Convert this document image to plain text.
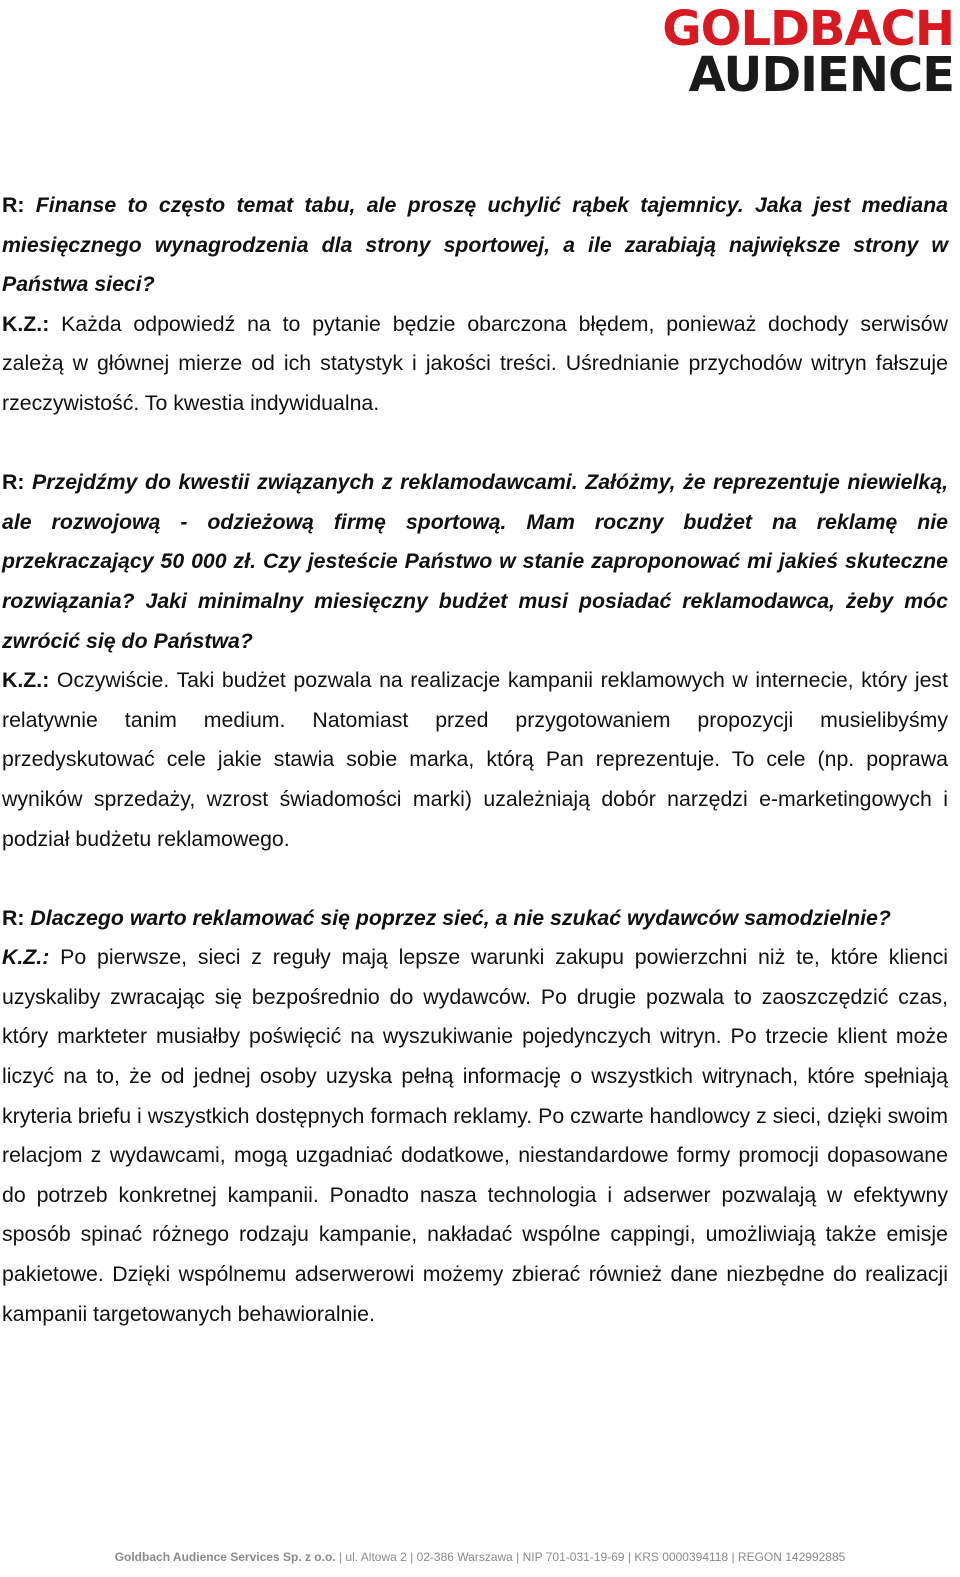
GOLDBACH
AUDIENCE

R: Finanse to często temat tabu, ale proszę uchylić rąbek tajemnicy. Jaka jest mediana miesięcznego wynagrodzenia dla strony sportowej, a ile zarabiają największe strony w Państwa sieci?

K.Z.: Każda odpowiedź na to pytanie będzie obarczona błędem, ponieważ dochody serwisów zależą w głównej mierze od ich statystyk i jakości treści. Uśrednianie przychodów witryn fałszuje rzeczywistość. To kwestia indywidualna.

R: Przejdźmy do kwestii związanych z reklamodawcami. Załóżmy, że reprezentuje niewielką, ale rozwojową - odzieżową firmę sportową. Mam roczny budżet na reklamę nie przekraczający 50 000 zł. Czy jesteście Państwo w stanie zaproponować mi jakieś skuteczne rozwiązania? Jaki minimalny miesięczny budżet musi posiadać reklamodawca, żeby móc zwrócić się do Państwa?

K.Z.: Oczywiście. Taki budżet pozwala na realizacje kampanii reklamowych w internecie, który jest relatywnie tanim medium. Natomiast przed przygotowaniem propozycji musielibyśmy przedyskutować cele jakie stawia sobie marka, którą Pan reprezentuje. To cele (np. poprawa wyników sprzedaży, wzrost świadomości marki) uzależniają dobór narzędzi e-marketingowych i podział budżetu reklamowego.

R: Dlaczego warto reklamować się poprzez sieć, a nie szukać wydawców samodzielnie?

K.Z.: Po pierwsze, sieci z reguły mają lepsze warunki zakupu powierzchni niż te, które klienci uzyskaliby zwracając się bezpośrednio do wydawców. Po drugie pozwala to zaoszczędzić czas, który markteter musiałby poświęcić na wyszukiwanie pojedynczych witryn. Po trzecie klient może liczyć na to, że od jednej osoby uzyska pełną informację o wszystkich witrynach, które spełniają kryteria briefu i wszystkich dostępnych formach reklamy. Po czwarte handlowcy z sieci, dzięki swoim relacjom z wydawcami, mogą uzgadniać dodatkowe, niestandardowe formy promocji dopasowane do potrzeb konkretnej kampanii. Ponadto nasza technologia i adserwer pozwalają w efektywny sposób spinać różnego rodzaju kampanie, nakładać wspólne cappingi, umożliwiają także emisje pakietowe. Dzięki wspólnemu adserwerowi możemy zbierać również dane niezbędne do realizacji kampanii targetowanych behawioralnie.

Goldbach Audience Services Sp. z o.o. | ul. Altowa 2 | 02-386 Warszawa | NIP 701-031-19-69 | KRS 0000394118 | REGON 142992885
